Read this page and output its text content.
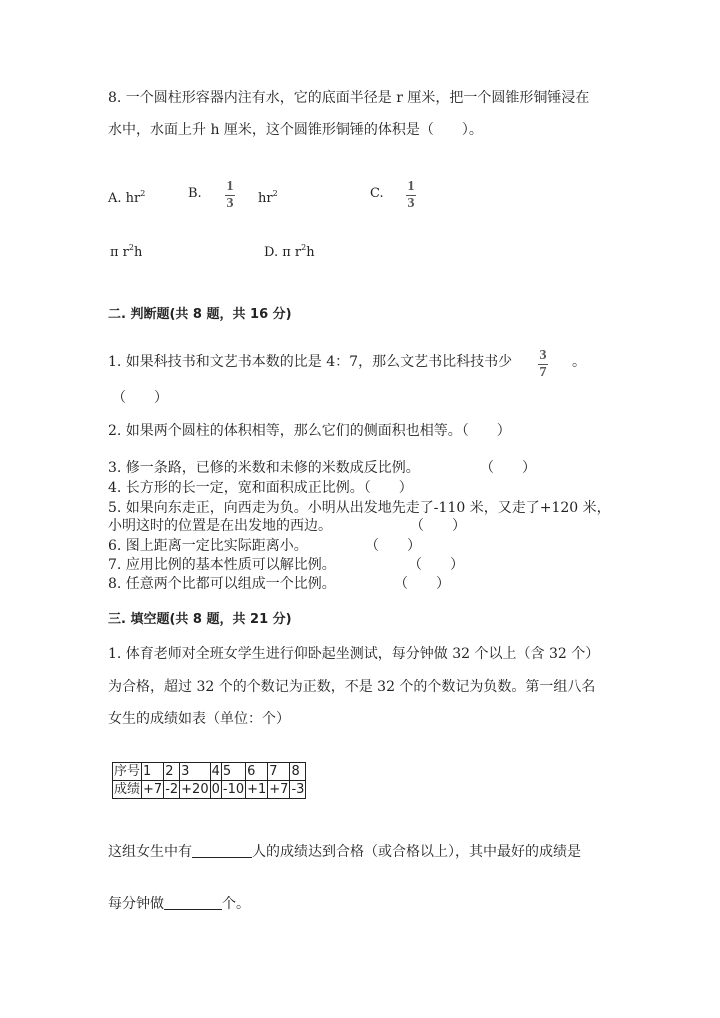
8. 一个圆柱形容器内注有水，它的底面半径是 r 厘米，把一个圆锥形铜锤浸在
水中，水面上升 h 厘米，这个圆锥形铜锤的体积是（　　）。
A. $hr^2$	B. 1
3 $hr^2$	C. 1
3
π $r^2h$	D. π $r^2h$
二. 判断题(共 8 题，共 16 分)
1. 如果科技书和文艺书本数的比是 4：7，那么文艺书比科技书少 3
7
。
（　　）
2. 如果两个圆柱的体积相等，那么它们的侧面积也相等。（　　）
3. 修一条路，已修的米数和未修的米数成反比例。	（　　）
4. 长方形的长一定，宽和面积成正比例。（　　）
5. 如果向东走正，向西走为负。小明从出发地先走了-110 米，又走了+120 米，
小明这时的位置是在出发地的西边。	（　　）
6. 图上距离一定比实际距离小。	（　　）
7. 应用比例的基本性质可以解比例。	（　　）
8. 任意两个比都可以组成一个比例。	（　　）
三. 填空题(共 8 题，共 21 分)
1. 体育老师对全班女学生进行仰卧起坐测试，每分钟做 32 个以上（含 32 个）
为合格，超过 32 个的个数记为正数，不是 32 个的个数记为负数。第一组八名
女生的成绩如表（单位：个）
序号	1	2	3	4	5	6	7	8
成绩	+7	-2	+20	0	-10	+1	+7	-3
这组女生中有	人的成绩达到合格（或合格以上），其中最好的成绩是
每分钟做	个。
